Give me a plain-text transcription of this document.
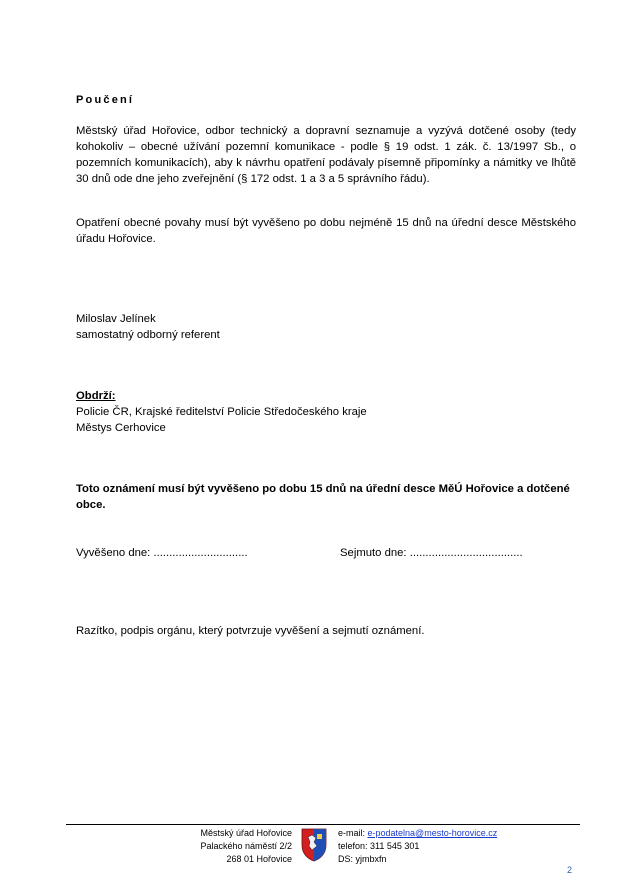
Poučení
Městský úřad Hořovice, odbor technický a dopravní seznamuje a vyzývá dotčené osoby (tedy kohokoliv – obecné užívání pozemní komunikace - podle § 19 odst. 1 zák. č. 13/1997 Sb., o pozemních komunikacích), aby k návrhu opatření podávaly písemně připomínky a námitky ve lhůtě 30 dnů ode dne jeho zveřejnění (§ 172 odst. 1 a 3 a 5 správního řádu).
Opatření obecné povahy musí být vyvěšeno po dobu nejméně 15 dnů na úřední desce Městského úřadu Hořovice.
Miloslav Jelínek
samostatný odborný referent
Obdrží:
Policie ČR, Krajské ředitelství Policie Středočeského kraje
Městys Cerhovice
Toto oznámení musí být vyvěšeno po dobu 15 dnů na úřední desce MěÚ Hořovice a dotčené obce.
Vyvěšeno dne: ..............................	Sejmuto dne: ....................................
Razítko, podpis orgánu, který potvrzuje vyvěšení a sejmutí oznámení.
Městský úřad Hořovice
Palackého náměstí 2/2
268 01 Hořovice
e-mail: e-podatelna@mesto-horovice.cz
telefon: 311 545 301
DS: yjmbxfn
2
